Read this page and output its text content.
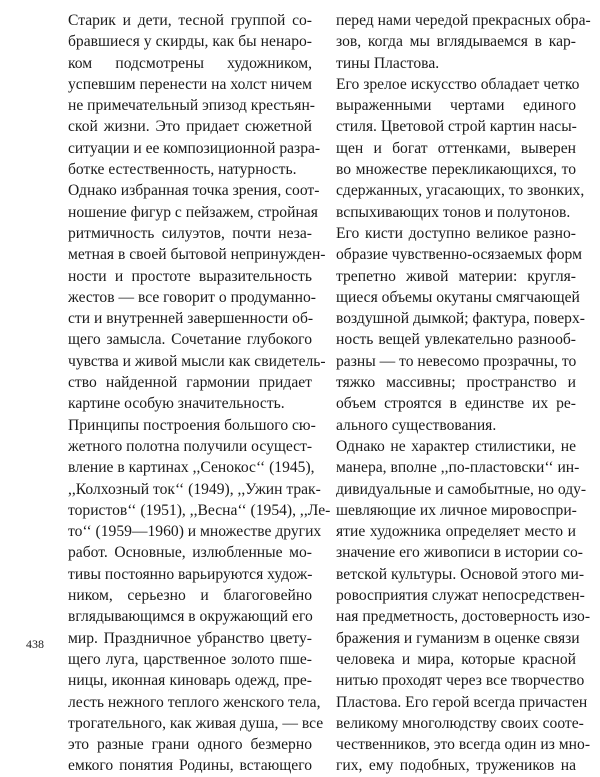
Старик и дети, тесной группой со-
бравшиеся у скирды, как бы ненаро-
ком подсмотрены художником,
успевшим перенести на холст ничем
не примечательный эпизод крестьян-
ской жизни. Это придает сюжетной
ситуации и ее композиционной разра-
ботке естественность, натурность.
Однако избранная точка зрения, соот-
ношение фигур с пейзажем, стройная
ритмичность силуэтов, почти неза-
метная в своей бытовой непринужден-
ности и простоте выразительность
жестов — все говорит о продуманно-
сти и внутренней завершенности об-
щего замысла. Сочетание глубокого
чувства и живой мысли как свидетель-
ство найденной гармонии придает
картине особую значительность.
Принципы построения большого сю-
жетного полотна получили осущест-
вление в картинах ,,Сенокос‘‘ (1945),
,,Колхозный ток‘‘ (1949), ,,Ужин трак-
тористов‘‘ (1951), ,,Весна‘‘ (1954), ,,Ле-
то‘‘ (1959—1960) и множестве других
работ. Основные, излюбленные мо-
тивы постоянно варьируются худож-
ником, серьезно и благоговейно
вглядывающимся в окружающий его
мир. Праздничное убранство цвету-
щего луга, царственное золото пше-
ницы, иконная киноварь одежд, пре-
лесть нежного теплого женского тела,
трогательного, как живая душа, — все
это разные грани одного безмерно
емкого понятия Родины, встающего
перед нами чередой прекрасных обра-
зов, когда мы вглядываемся в кар-
тины Пластова.
Его зрелое искусство обладает четко
выраженными чертами единого
стиля. Цветовой строй картин насы-
щен и богат оттенками, выверен
во множестве перекликающихся, то
сдержанных, угасающих, то звонких,
вспыхивающих тонов и полутонов.
Его кисти доступно великое разно-
образие чувственно-осязаемых форм
трепетно живой материи: кругля-
щиеся объемы окутаны смягчающей
воздушной дымкой; фактура, поверх-
ность вещей увлекательно разнооб-
разны — то невесомо прозрачны, то
тяжко массивны; пространство и
объем строятся в единстве их ре-
ального существования.
Однако не характер стилистики, не
манера, вполне ,,по-пластовски‘‘ ин-
дивидуальные и самобытные, но оду-
шевляющие их личное мировоспри-
ятие художника определяет место и
значение его живописи в истории со-
ветской культуры. Основой этого ми-
ровосприятия служат непосредствен-
ная предметность, достоверность изо-
бражения и гуманизм в оценке связи
человека и мира, которые красной
нитью проходят через все творчество
Пластова. Его герой всегда причастен
великому многолюдству своих соотe-
чественников, это всегда один из мно-
гих, ему подобных, тружеников на
438
